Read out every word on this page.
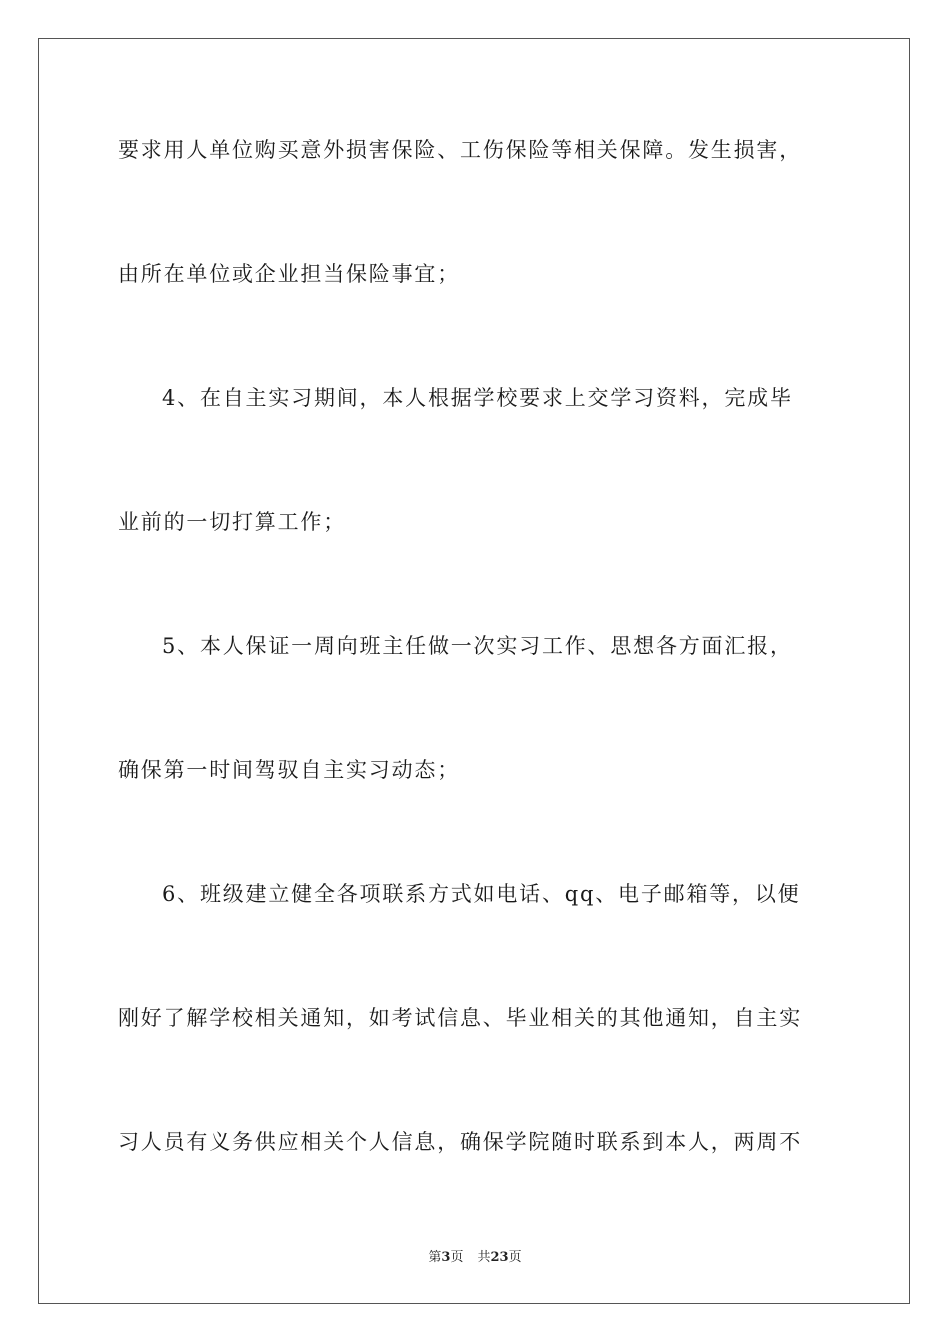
要求用人单位购买意外损害保险、工伤保险等相关保障。发生损害，
由所在单位或企业担当保险事宜；
4、在自主实习期间，本人根据学校要求上交学习资料，完成毕
业前的一切打算工作；
5、本人保证一周向班主任做一次实习工作、思想各方面汇报，
确保第一时间驾驭自主实习动态；
6、班级建立健全各项联系方式如电话、qq、电子邮箱等，以便
刚好了解学校相关通知，如考试信息、毕业相关的其他通知，自主实
习人员有义务供应相关个人信息，确保学院随时联系到本人，两周不
第3页 共23页
